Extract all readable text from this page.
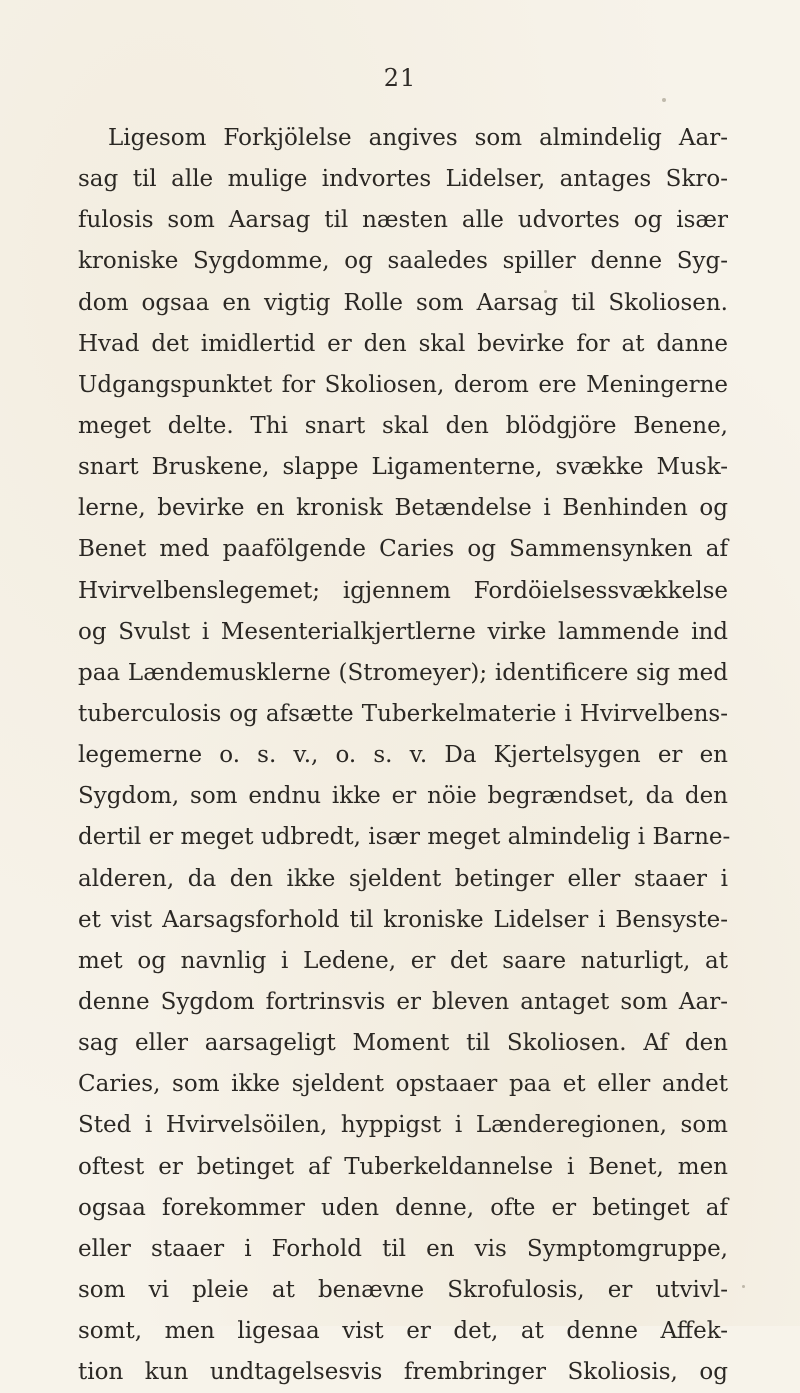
21
Ligesom Forkjölelse angives som almindelig Aar-
sag til alle mulige indvortes Lidelser, antages Skro-
fulosis som Aarsag til næsten alle udvortes og især
kroniske Sygdomme, og saaledes spiller denne Syg-
dom ogsaa en vigtig Rolle som Aarsag til Skoliosen.
Hvad det imidlertid er den skal bevirke for at danne
Udgangspunktet for Skoliosen, derom ere Meningerne
meget delte. Thi snart skal den blödgjöre Benene,
snart Bruskene, slappe Ligamenterne, svække Musk-
lerne, bevirke en kronisk Betændelse i Benhinden og
Benet med paafölgende Caries og Sammensynken af
Hvirvelbenslegemet; igjennem Fordöielsessvækkelse
og Svulst i Mesenterialkjertlerne virke lammende ind
paa Lændemusklerne (Stromeyer); identificere sig med
tuberculosis og afsætte Tuberkelmaterie i Hvirvelbens-
legemerne o. s. v., o. s. v. Da Kjertelsygen er en
Sygdom, som endnu ikke er nöie begrændset, da den
dertil er meget udbredt, især meget almindelig i Barne-
alderen, da den ikke sjeldent betinger eller staaer i
et vist Aarsagsforhold til kroniske Lidelser i Bensyste-
met og navnlig i Ledene, er det saare naturligt, at
denne Sygdom fortrinsvis er bleven antaget som Aar-
sag eller aarsageligt Moment til Skoliosen. Af den
Caries, som ikke sjeldent opstaaer paa et eller andet
Sted i Hvirvelsöilen, hyppigst i Lænderegionen, som
oftest er betinget af Tuberkeldannelse i Benet, men
ogsaa forekommer uden denne, ofte er betinget af
eller staaer i Forhold til en vis Symptomgruppe,
som vi pleie at benævne Skrofulosis, er utvivl-
somt, men ligesaa vist er det, at denne Affek-
tion kun undtagelsesvis frembringer Skoliosis, og
